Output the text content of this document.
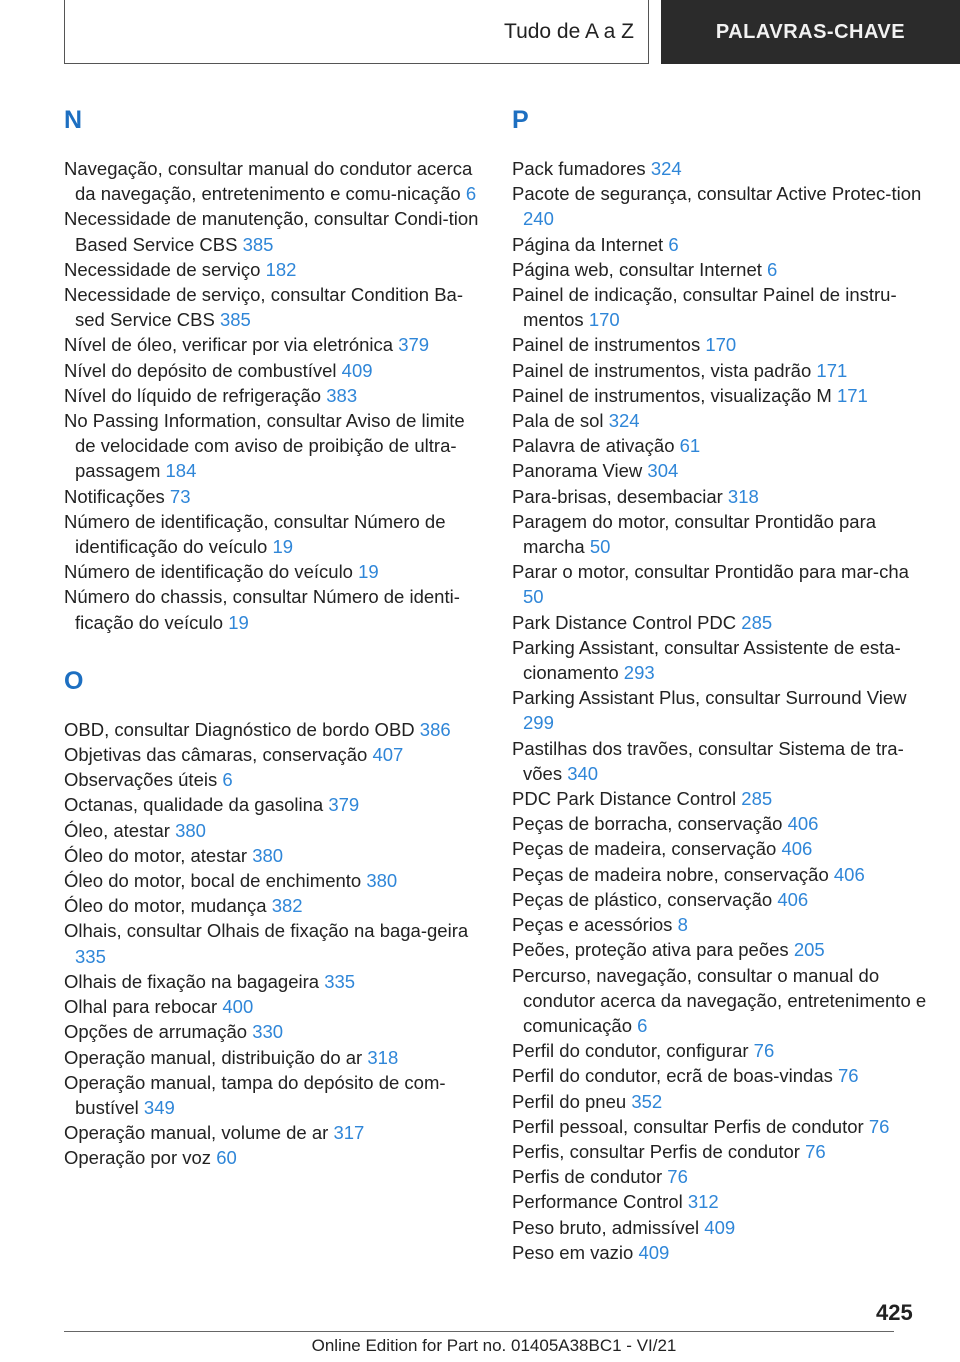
Tudo de A a Z	PALAVRAS-CHAVE
N
Navegação, consultar manual do condutor acerca da navegação, entretenimento e comu-nicação 6
Necessidade de manutenção, consultar Condi-tion Based Service CBS 385
Necessidade de serviço 182
Necessidade de serviço, consultar Condition Ba-sed Service CBS 385
Nível de óleo, verificar por via eletrónica 379
Nível do depósito de combustível 409
Nível do líquido de refrigeração 383
No Passing Information, consultar Aviso de limite de velocidade com aviso de proibição de ultra-passagem 184
Notificações 73
Número de identificação, consultar Número de identificação do veículo 19
Número de identificação do veículo 19
Número do chassis, consultar Número de identi-ficação do veículo 19
O
OBD, consultar Diagnóstico de bordo OBD 386
Objetivas das câmaras, conservação 407
Observações úteis 6
Octanas, qualidade da gasolina 379
Óleo, atestar 380
Óleo do motor, atestar 380
Óleo do motor, bocal de enchimento 380
Óleo do motor, mudança 382
Olhais, consultar Olhais de fixação na baga-geira 335
Olhais de fixação na bagageira 335
Olhal para rebocar 400
Opções de arrumação 330
Operação manual, distribuição do ar 318
Operação manual, tampa do depósito de com-bustível 349
Operação manual, volume de ar 317
Operação por voz 60
P
Pack fumadores 324
Pacote de segurança, consultar Active Protec-tion 240
Página da Internet 6
Página web, consultar Internet 6
Painel de indicação, consultar Painel de instru-mentos 170
Painel de instrumentos 170
Painel de instrumentos, vista padrão 171
Painel de instrumentos, visualização M 171
Pala de sol 324
Palavra de ativação 61
Panorama View 304
Para-brisas, desembaciar 318
Paragem do motor, consultar Prontidão para marcha 50
Parar o motor, consultar Prontidão para mar-cha 50
Park Distance Control PDC 285
Parking Assistant, consultar Assistente de esta-cionamento 293
Parking Assistant Plus, consultar Surround View 299
Pastilhas dos travões, consultar Sistema de tra-vões 340
PDC Park Distance Control 285
Peças de borracha, conservação 406
Peças de madeira, conservação 406
Peças de madeira nobre, conservação 406
Peças de plástico, conservação 406
Peças e acessórios 8
Peões, proteção ativa para peões 205
Percurso, navegação, consultar o manual do condutor acerca da navegação, entretenimento e comunicação 6
Perfil do condutor, configurar 76
Perfil do condutor, ecrã de boas-vindas 76
Perfil do pneu 352
Perfil pessoal, consultar Perfis de condutor 76
Perfis, consultar Perfis de condutor 76
Perfis de condutor 76
Performance Control 312
Peso bruto, admissível 409
Peso em vazio 409
425
Online Edition for Part no. 01405A38BC1 - VI/21
